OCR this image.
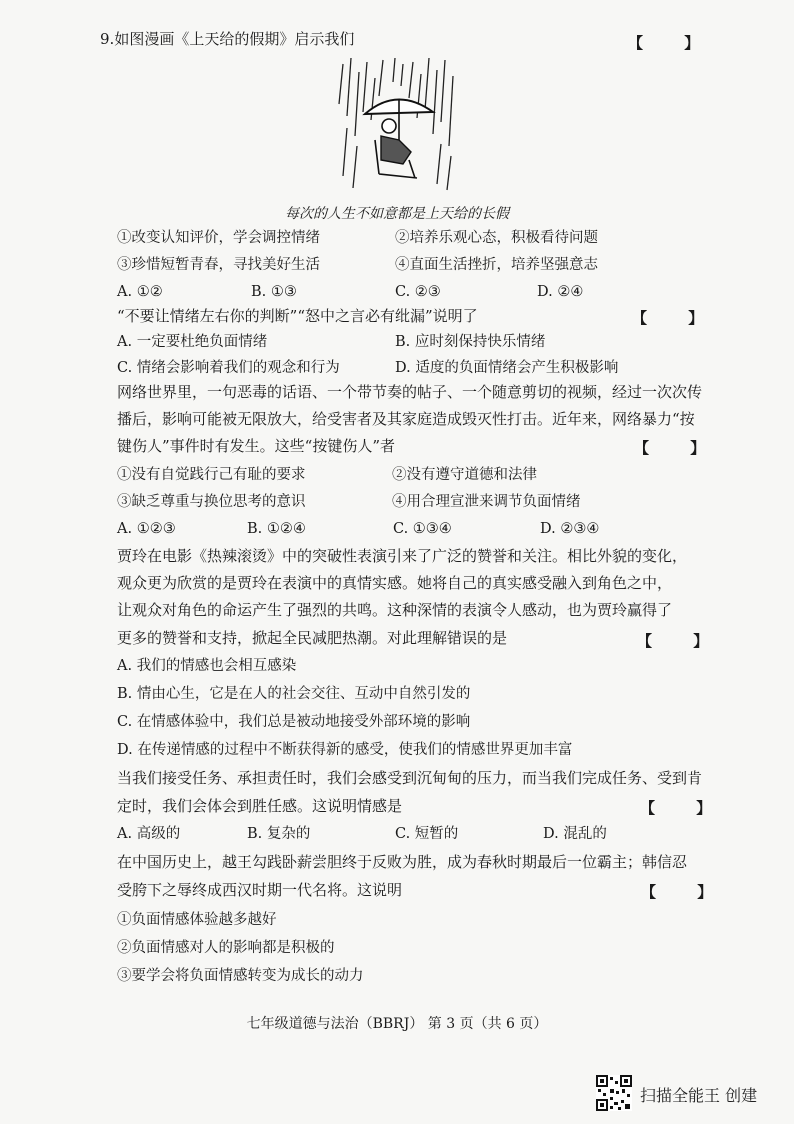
9.如图漫画《上天给的假期》启示我们	【 】
每次的人生不如意都是上天给的长假
①改变认知评价，学会调控情绪	②培养乐观心态，积极看待问题
③珍惜短暂青春，寻找美好生活	④直面生活挫折，培养坚强意志
A. ①②	B. ①③	C. ②③	D. ②④
“不要让情绪左右你的判断”“怒中之言必有纰漏”说明了	【 】
A. 一定要杜绝负面情绪	B. 应时刻保持快乐情绪
C. 情绪会影响着我们的观念和行为	D. 适度的负面情绪会产生积极影响
网络世界里，一句恶毒的话语、一个带节奏的帖子、一个随意剪切的视频，经过一次次传
播后，影响可能被无限放大，给受害者及其家庭造成毁灭性打击。近年来，网络暴力“按
键伤人”事件时有发生。这些“按键伤人”者	【 】
①没有自觉践行己有耻的要求	②没有遵守道德和法律
③缺乏尊重与换位思考的意识	④用合理宣泄来调节负面情绪
A. ①②③	B. ①②④	C. ①③④	D. ②③④
贾玲在电影《热辣滚烫》中的突破性表演引来了广泛的赞誉和关注。相比外貌的变化，
观众更为欣赏的是贾玲在表演中的真情实感。她将自己的真实感受融入到角色之中，
让观众对角色的命运产生了强烈的共鸣。这种深情的表演令人感动，也为贾玲赢得了
更多的赞誉和支持，掀起全民减肥热潮。对此理解错误的是	【 】
A. 我们的情感也会相互感染
B. 情由心生，它是在人的社会交往、互动中自然引发的
C. 在情感体验中，我们总是被动地接受外部环境的影响
D. 在传递情感的过程中不断获得新的感受，使我们的情感世界更加丰富
当我们接受任务、承担责任时，我们会感受到沉甸甸的压力，而当我们完成任务、受到肯
定时，我们会体会到胜任感。这说明情感是	【 】
A. 高级的	B. 复杂的	C. 短暂的	D. 混乱的
在中国历史上，越王勾践卧薪尝胆终于反败为胜，成为春秋时期最后一位霸主；韩信忍
受胯下之辱终成西汉时期一代名将。这说明	【 】
①负面情感体验越多越好
②负面情感对人的影响都是积极的
③要学会将负面情感转变为成长的动力
七年级道德与法治（BBRJ） 第 3 页（共 6 页）
扫描全能王 创建
